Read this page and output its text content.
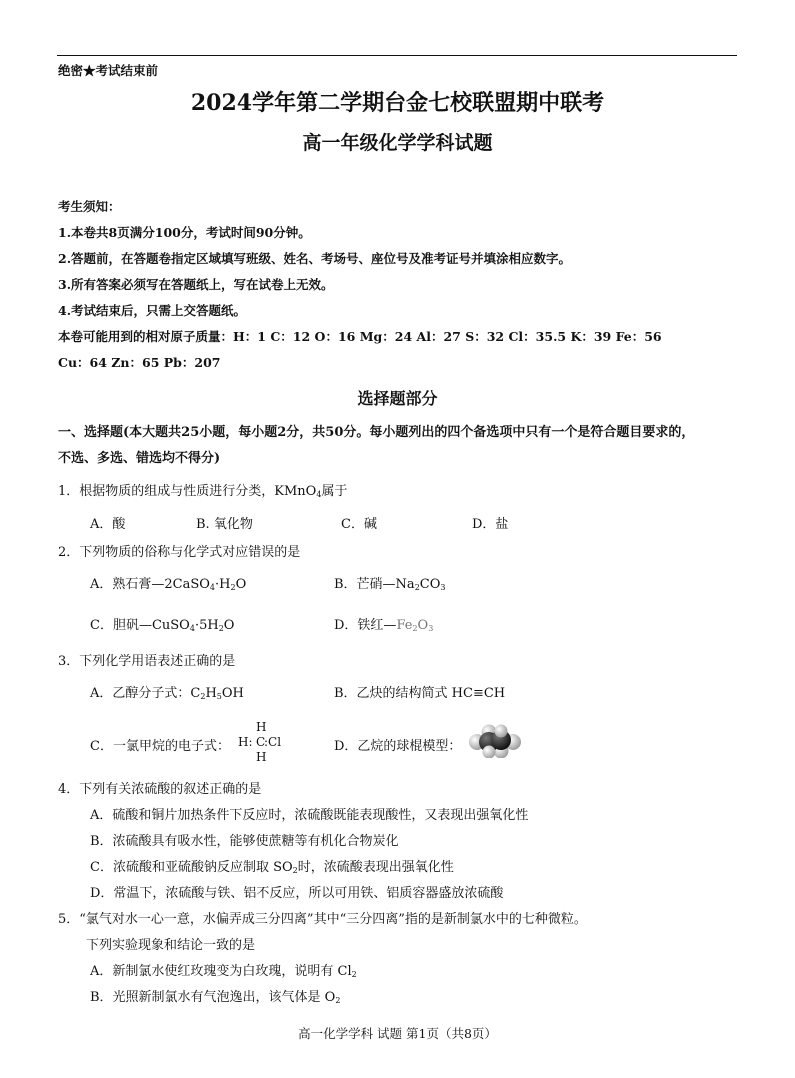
绝密★考试结束前
2024学年第二学期台金七校联盟期中联考
高一年级化学学科试题
考生须知：
1.本卷共8页满分100分，考试时间90分钟。
2.答题前，在答题卷指定区域填写班级、姓名、考场号、座位号及准考证号并填涂相应数字。
3.所有答案必须写在答题纸上，写在试卷上无效。
4.考试结束后，只需上交答题纸。
本卷可能用到的相对原子质量：H：1 C：12 O：16 Mg：24 Al：27 S：32 Cl：35.5 K：39 Fe：56
Cu：64 Zn：65 Pb：207
选择题部分
一、选择题(本大题共25小题，每小题2分，共50分。每小题列出的四个备选项中只有一个是符合题目要求的，
不选、多选、错选均不得分)
1．根据物质的组成与性质进行分类，KMnO$_4$属于
A．酸	B. 氧化物	C．碱	D．盐
2．下列物质的俗称与化学式对应错误的是
A．熟石膏$—2CaSO_4\cdot H_2O$	B．芒硝$—Na_2CO_3$
C．胆矾$—CuSO_4\cdot 5H_2O$	D．铁红$—Fe_2O_3$
3．下列化学用语表述正确的是
A．乙醇分子式：$C_2H_5OH$	B．乙炔的结构简式 HC≡CH
C．一氯甲烷的电子式：
H
H: C
:Cl
H
D．乙烷的球棍模型：
4．下列有关浓硫酸的叙述正确的是
A．硫酸和铜片加热条件下反应时，浓硫酸既能表现酸性，又表现出强氧化性
B．浓硫酸具有吸水性，能够使蔗糖等有机化合物炭化
C．浓硫酸和亚硫酸钠反应制取 $SO_2$时，浓硫酸表现出强氧化性
D．常温下，浓硫酸与铁、铝不反应，所以可用铁、铝质容器盛放浓硫酸
5．“氯气对水一心一意，水偏弄成三分四离”其中“三分四离”指的是新制氯水中的七种微粒。
下列实验现象和结论一致的是
A．新制氯水使红玫瑰变为白玫瑰，说明有 $Cl_2$
B．光照新制氯水有气泡逸出，该气体是 $O_2$
高一化学学科 试题 第1页（共8页）
